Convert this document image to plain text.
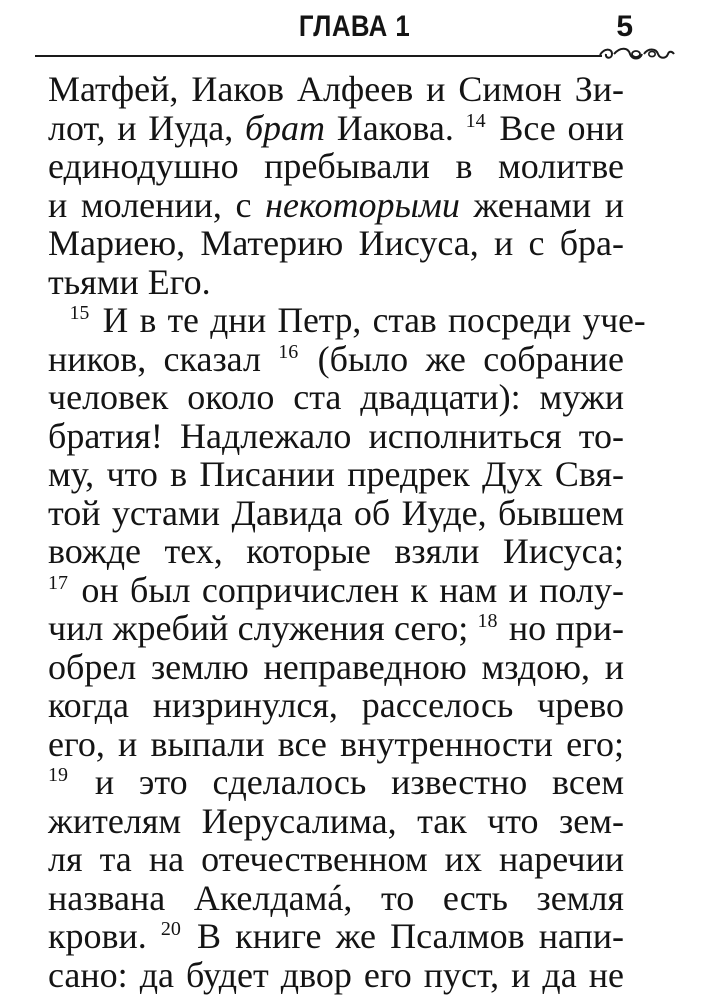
ГЛАВА 1	5
Матфей, Иаков Алфеев и Симон Зи-
лот, и Иуда, брат Иакова. $^{14}$ Все они
единодушно пребывали в молитве
и молении, с некоторыми женами и
Мариею, Материю Иисуса, и с бра-
тьями Его.
$^{15}$ И в те дни Петр, став посреди уче-
ников, сказал $^{16}$ (было же собрание
человек около ста двадцати): мужи
братия! Надлежало исполниться то-
му, что в Писании предрек Дух Свя-
той устами Давида об Иуде, бывшем
вожде тех, которые взяли Иисуса;
$^{17}$ он был сопричислен к нам и полу-
чил жребий служения сего; $^{18}$ но при-
обрел землю неправедною мздою, и
когда низринулся, расселось чрево
его, и выпали все внутренности его;
$^{19}$ и это сделалось известно всем
жителям Иерусалима, так что зем-
ля та на отечественном их наречии
названа Акелдамá, то есть земля
крови. $^{20}$ В книге же Псалмов напи-
сано: да будет двор его пуст, и да не
